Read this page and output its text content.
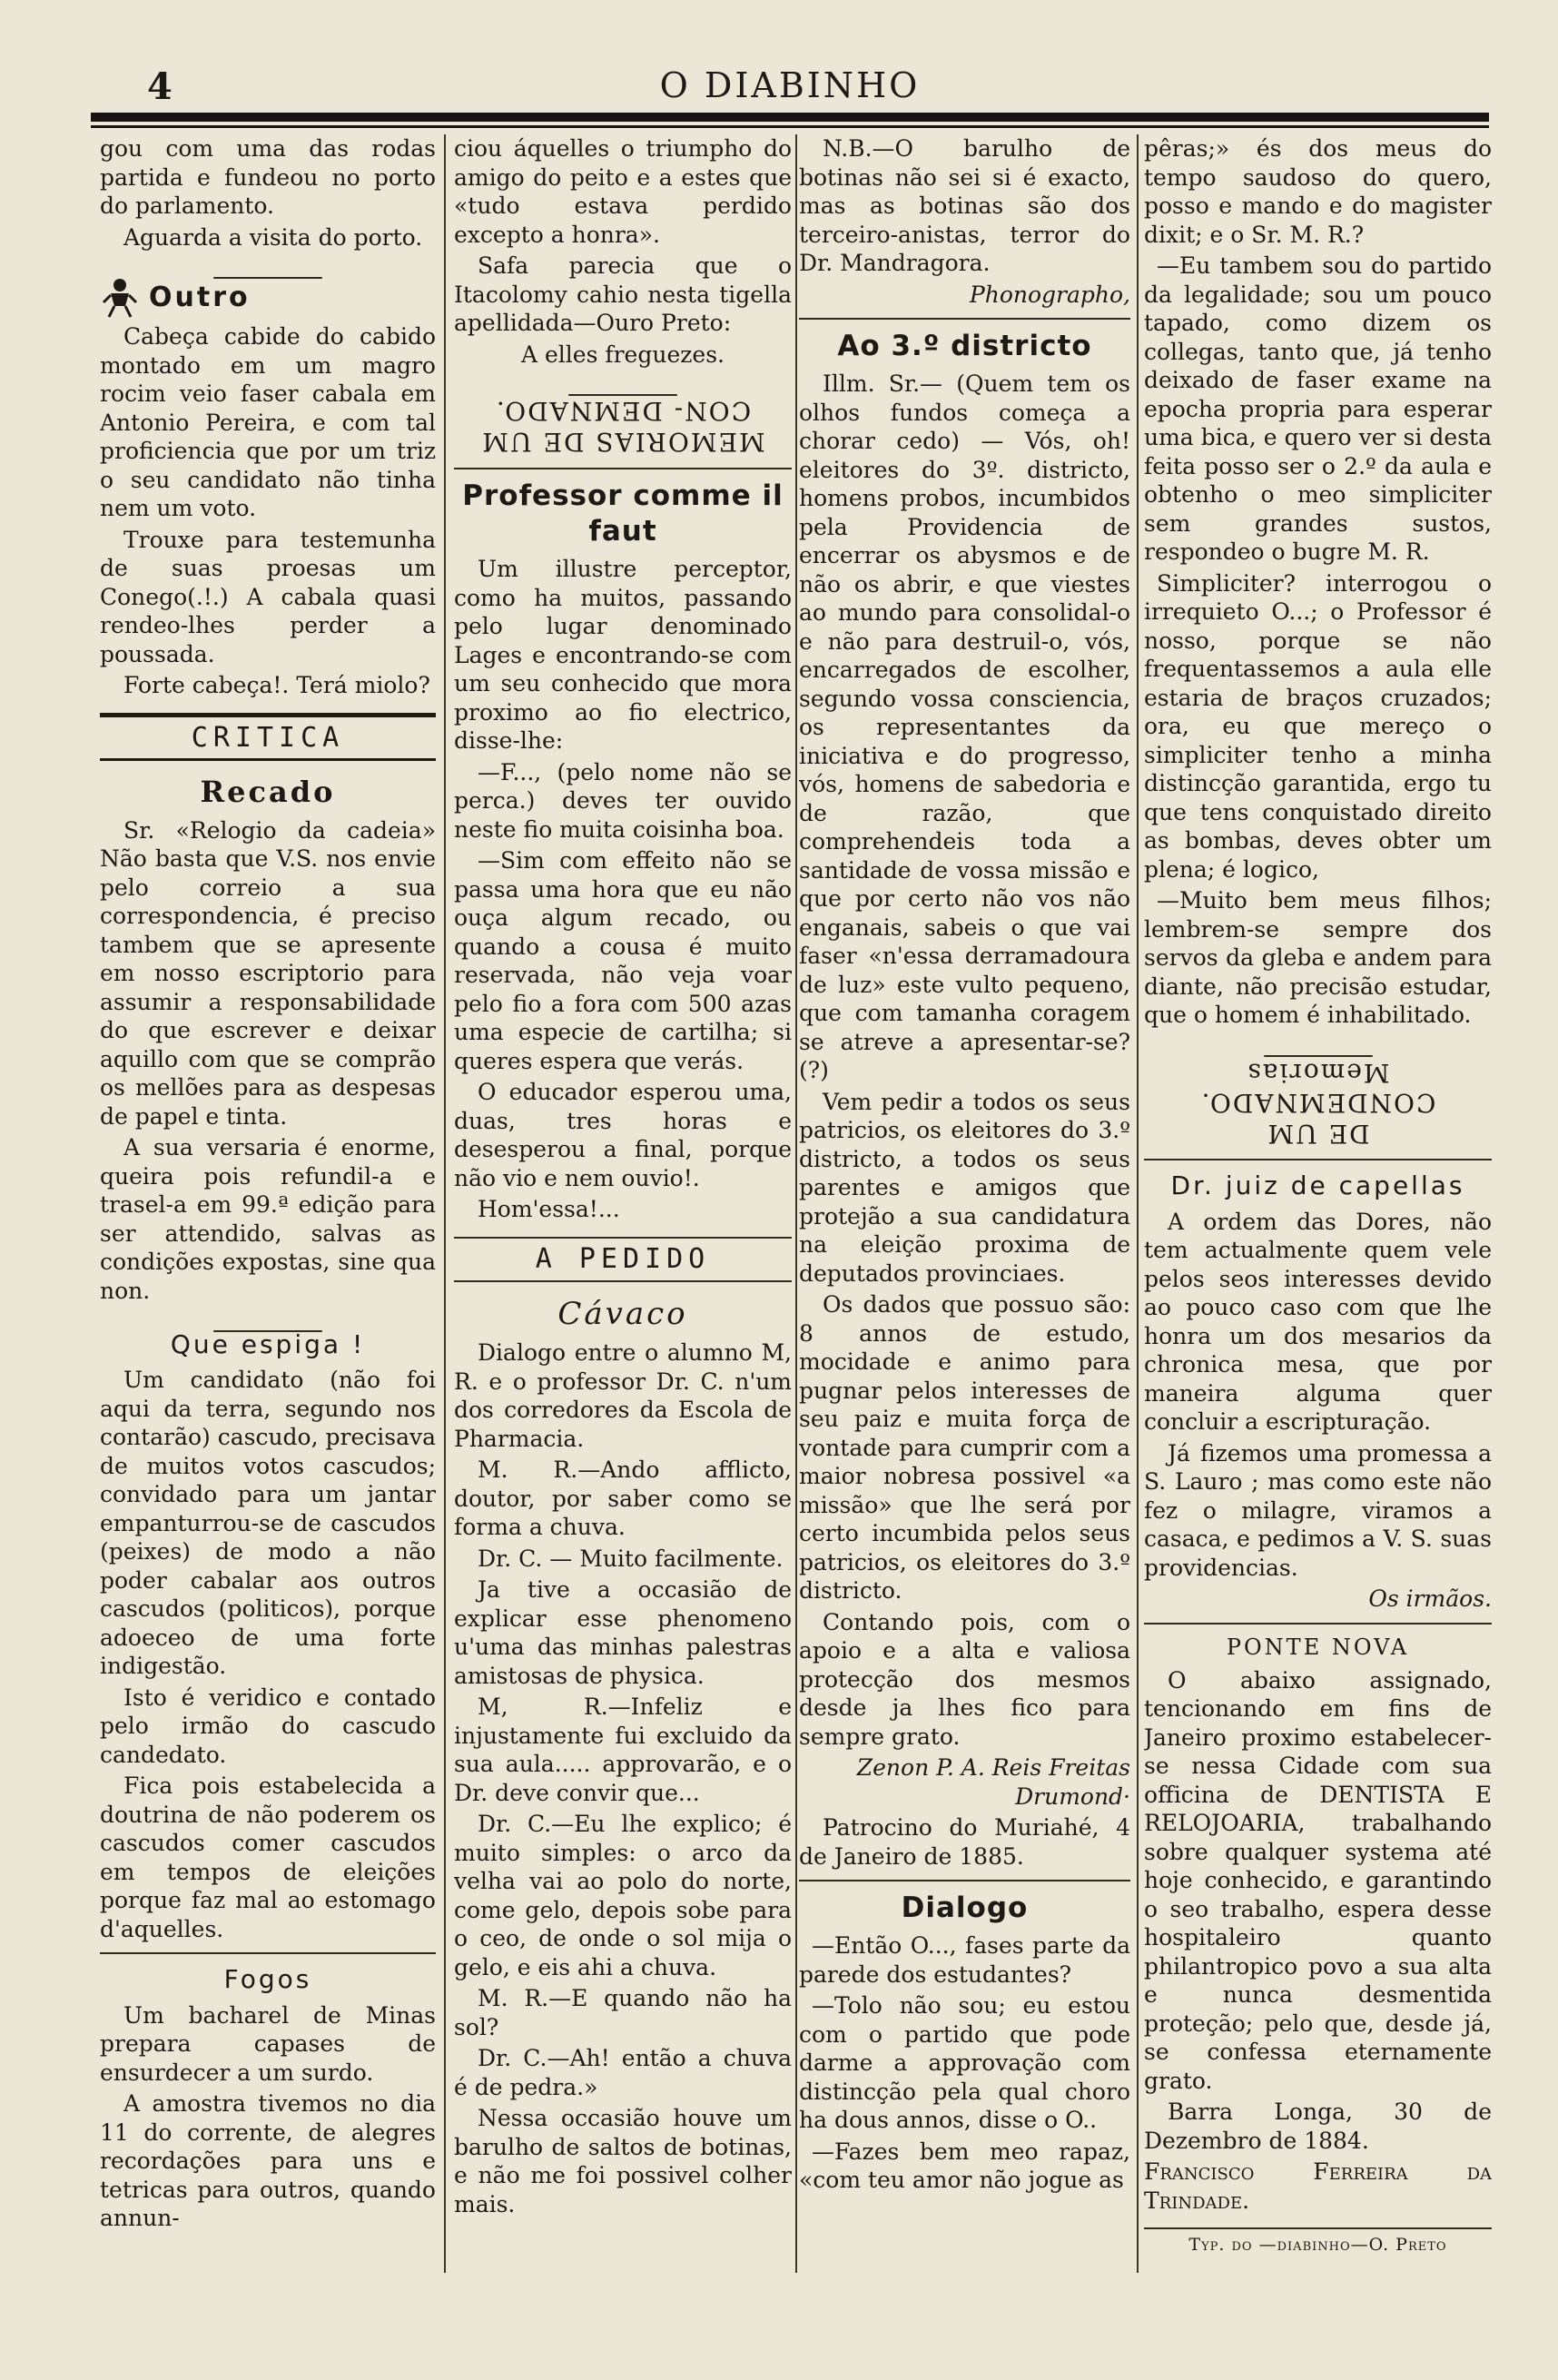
4	O DIABINHO

gou com uma das rodas partida e fundeou no porto do parlamento.

Aguarda a visita do porto.

Outro

Cabeça cabide do cabido montado em um magro rocim veio faser cabala em Antonio Pereira, e com tal proficiencia que por um triz o seu candidato não tinha nem um voto.

Trouxe para testemunha de suas proesas um Conego(.!.) A cabala quasi rendeo-lhes perder a poussada.

Forte cabeça!. Terá miolo?

CRITICA
Recado

Sr. «Relogio da cadeia» Não basta que V.S. nos envie pelo correio a sua correspondencia, é preciso tambem que se apresente em nosso escriptorio para assumir a responsabilidade do que escrever e deixar aquillo com que se comprão os mellões para as despesas de papel e tinta.

A sua versaria é enorme, queira pois refundil-a e trasel-a em 99.ª edição para ser attendido, salvas as condições expostas, sine qua non.

Que espiga !

Um candidato (não foi aqui da terra, segundo nos contarão) cascudo, precisava de muitos votos cascudos; convidado para um jantar empanturrou-se de cascudos (peixes) de modo a não poder cabalar aos outros cascudos (politicos), porque adoeceo de uma forte indigestão.

Isto é veridico e contado pelo irmão do cascudo candedato.

Fica pois estabelecida a doutrina de não poderem os cascudos comer cascudos em tempos de eleições porque faz mal ao estomago d'aquelles.

Fogos

Um bacharel de Minas prepara capases de ensurdecer a um surdo.

A amostra tivemos no dia 11 do corrente, de alegres recordações para uns e tetricas para outros, quando annun-

ciou áquelles o triumpho do amigo do peito e a estes que «tudo estava perdido excepto a honra».

Safa parecia que o Itacolomy cahio nesta tigella apellidada—Ouro Preto:

A elles freguezes.

MEMORIAS DE UM CON- DEMNADO.
Professor comme il faut

Um illustre perceptor, como ha muitos, passando pelo lugar denominado Lages e encontrando-se com um seu conhecido que mora proximo ao fio electrico, disse-lhe:

—F..., (pelo nome não se perca.) deves ter ouvido neste fio muita coisinha boa.

—Sim com effeito não se passa uma hora que eu não ouça algum recado, ou quando a cousa é muito reservada, não veja voar pelo fio a fora com 500 azas uma especie de cartilha; si queres espera que verás.

O educador esperou uma, duas, tres horas e desesperou a final, porque não vio e nem ouvio!.

Hom'essa!...

A PEDIDO
Cávaco

Dialogo entre o alumno M, R. e o professor Dr. C. n'um dos corredores da Escola de Pharmacia.

M. R.—Ando afflicto, doutor, por saber como se forma a chuva.

Dr. C. — Muito facilmente.

Ja tive a occasião de explicar esse phenomeno u'uma das minhas palestras amistosas de physica.

M, R.—Infeliz e injustamente fui excluido da sua aula..... approvarão, e o Dr. deve convir que...

Dr. C.—Eu lhe explico; é muito simples: o arco da velha vai ao polo do norte, come gelo, depois sobe para o ceo, de onde o sol mija o gelo, e eis ahi a chuva.

M. R.—E quando não ha sol?

Dr. C.—Ah! então a chuva é de pedra.»

Nessa occasião houve um barulho de saltos de botinas, e não me foi possivel colher mais.

N.B.—O barulho de botinas não sei si é exacto, mas as botinas são dos terceiro-anistas, terror do Dr. Mandragora.

Phonographo,

Ao 3.º districto

Illm. Sr.— (Quem tem os olhos fundos começa a chorar cedo) — Vós, oh! eleitores do 3º. districto, homens probos, incumbidos pela Providencia de encerrar os abysmos e de não os abrir, e que viestes ao mundo para consolidal-o e não para destruil-o, vós, encarregados de escolher, segundo vossa consciencia, os representantes da iniciativa e do progresso, vós, homens de sabedoria e de razão, que comprehendeis toda a santidade de vossa missão e que por certo não vos não enganais, sabeis o que vai faser «n'essa derramadoura de luz» este vulto pequeno, que com tamanha coragem se atreve a apresentar-se?(?)

Vem pedir a todos os seus patricios, os eleitores do 3.º districto, a todos os seus parentes e amigos que protejão a sua candidatura na eleição proxima de deputados provinciaes.

Os dados que possuo são: 8 annos de estudo, mocidade e animo para pugnar pelos interesses de seu paiz e muita força de vontade para cumprir com a maior nobresa possivel «a missão» que lhe será por certo incumbida pelos seus patricios, os eleitores do 3.º districto.

Contando pois, com o apoio e a alta e valiosa protecção dos mesmos desde ja lhes fico para sempre grato.

Zenon P. A. Reis Freitas Drumond·

Patrocino do Muriahé, 4 de Janeiro de 1885.

Dialogo

—Então O..., fases parte da parede dos estudantes?

—Tolo não sou; eu estou com o partido que pode darme a approvação com distincção pela qual choro ha dous annos, disse o O..

—Fazes bem meo rapaz, «com teu amor não jogue as

pêras;» és dos meus do tempo saudoso do quero, posso e mando e do magister dixit; e o Sr. M. R.?

—Eu tambem sou do partido da legalidade; sou um pouco tapado, como dizem os collegas, tanto que, já tenho deixado de faser exame na epocha propria para esperar uma bica, e quero ver si desta feita posso ser o 2.º da aula e obtenho o meo simpliciter sem grandes sustos, respondeo o bugre M. R.

Simpliciter? interrogou o irrequieto O...; o Professor é nosso, porque se não frequentassemos a aula elle estaria de braços cruzados; ora, eu que mereço o simpliciter tenho a minha distincção garantida, ergo tu que tens conquistado direito as bombas, deves obter um plena; é logico,

—Muito bem meus filhos; lembrem-se sempre dos servos da gleba e andem para diante, não precisão estudar, que o homem é inhabilitado.

DE UM CONDEMNADO. Memorias
Dr. juiz de capellas

A ordem das Dores, não tem actualmente quem vele pelos seos interesses devido ao pouco caso com que lhe honra um dos mesarios da chronica mesa, que por maneira alguma quer concluir a escripturação.

Já fizemos uma promessa a S. Lauro ; mas como este não fez o milagre, viramos a casaca, e pedimos a V. S. suas providencias.

Os irmãos.

PONTE NOVA

O abaixo assignado, tencionando em fins de Janeiro proximo estabelecer-se nessa Cidade com sua officina de DENTISTA E RELOJOARIA, trabalhando sobre qualquer systema até hoje conhecido, e garantindo o seo trabalho, espera desse hospitaleiro quanto philantropico povo a sua alta e nunca desmentida proteção; pelo que, desde já, se confessa eternamente grato.

Barra Longa, 30 de Dezembro de 1884.

Francisco Ferreira da Trindade.

Typ. do —diabinho—O. Preto
